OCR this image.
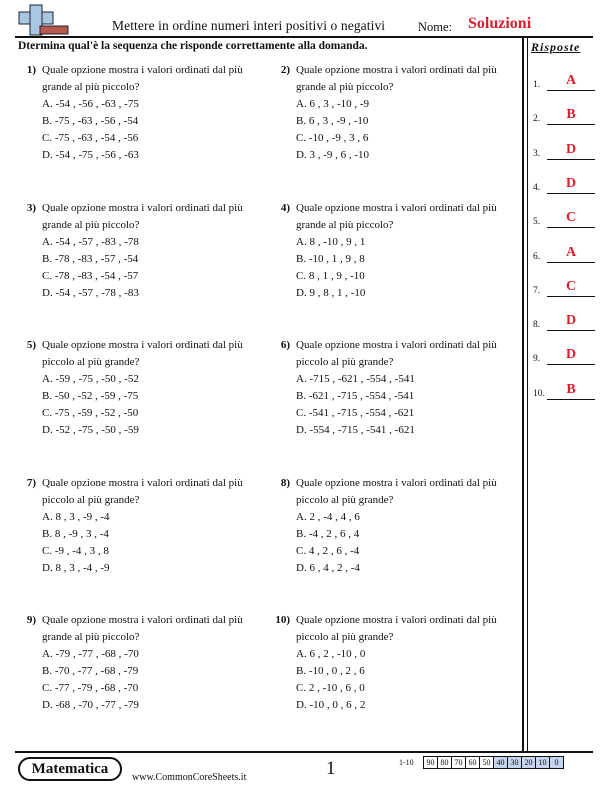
Mettere in ordine numeri interi positivi o negativi	Nome: Soluzioni
Dtermina qual'è la sequenza che risponde correttamente alla domanda.	Risposte
1.	A
2.	B
3.	D
4.	D
5.	C
6.	A
7.	C
8.	D
9.	D
10.	B
1) Quale opzione mostra i valori ordinati dal più grande al più piccolo?
A. -54 , -56 , -63 , -75
B. -75 , -63 , -56 , -54
C. -75 , -63 , -54 , -56
D. -54 , -75 , -56 , -63
2) Quale opzione mostra i valori ordinati dal più grande al più piccolo?
A. 6 , 3 , -10 , -9
B. 6 , 3 , -9 , -10
C. -10 , -9 , 3 , 6
D. 3 , -9 , 6 , -10
3) Quale opzione mostra i valori ordinati dal più grande al più piccolo?
A. -54 , -57 , -83 , -78
B. -78 , -83 , -57 , -54
C. -78 , -83 , -54 , -57
D. -54 , -57 , -78 , -83
4) Quale opzione mostra i valori ordinati dal più grande al più piccolo?
A. 8 , -10 , 9 , 1
B. -10 , 1 , 9 , 8
C. 8 , 1 , 9 , -10
D. 9 , 8 , 1 , -10
5) Quale opzione mostra i valori ordinati dal più piccolo al più grande?
A. -59 , -75 , -50 , -52
B. -50 , -52 , -59 , -75
C. -75 , -59 , -52 , -50
D. -52 , -75 , -50 , -59
6) Quale opzione mostra i valori ordinati dal più piccolo al più grande?
A. -715 , -621 , -554 , -541
B. -621 , -715 , -554 , -541
C. -541 , -715 , -554 , -621
D. -554 , -715 , -541 , -621
7) Quale opzione mostra i valori ordinati dal più piccolo al più grande?
A. 8 , 3 , -9 , -4
B. 8 , -9 , 3 , -4
C. -9 , -4 , 3 , 8
D. 8 , 3 , -4 , -9
8) Quale opzione mostra i valori ordinati dal più piccolo al più grande?
A. 2 , -4 , 4 , 6
B. -4 , 2 , 6 , 4
C. 4 , 2 , 6 , -4
D. 6 , 4 , 2 , -4
9) Quale opzione mostra i valori ordinati dal più grande al più piccolo?
A. -79 , -77 , -68 , -70
B. -70 , -77 , -68 , -79
C. -77 , -79 , -68 , -70
D. -68 , -70 , -77 , -79
10) Quale opzione mostra i valori ordinati dal più piccolo al più grande?
A. 6 , 2 , -10 , 0
B. -10 , 0 , 2 , 6
C. 2 , -10 , 6 , 0
D. -10 , 0 , 6 , 2
Matematica
www.CommonCoreSheets.it	1	1-10 90	80	70	60	50	40	30	20	10	0
